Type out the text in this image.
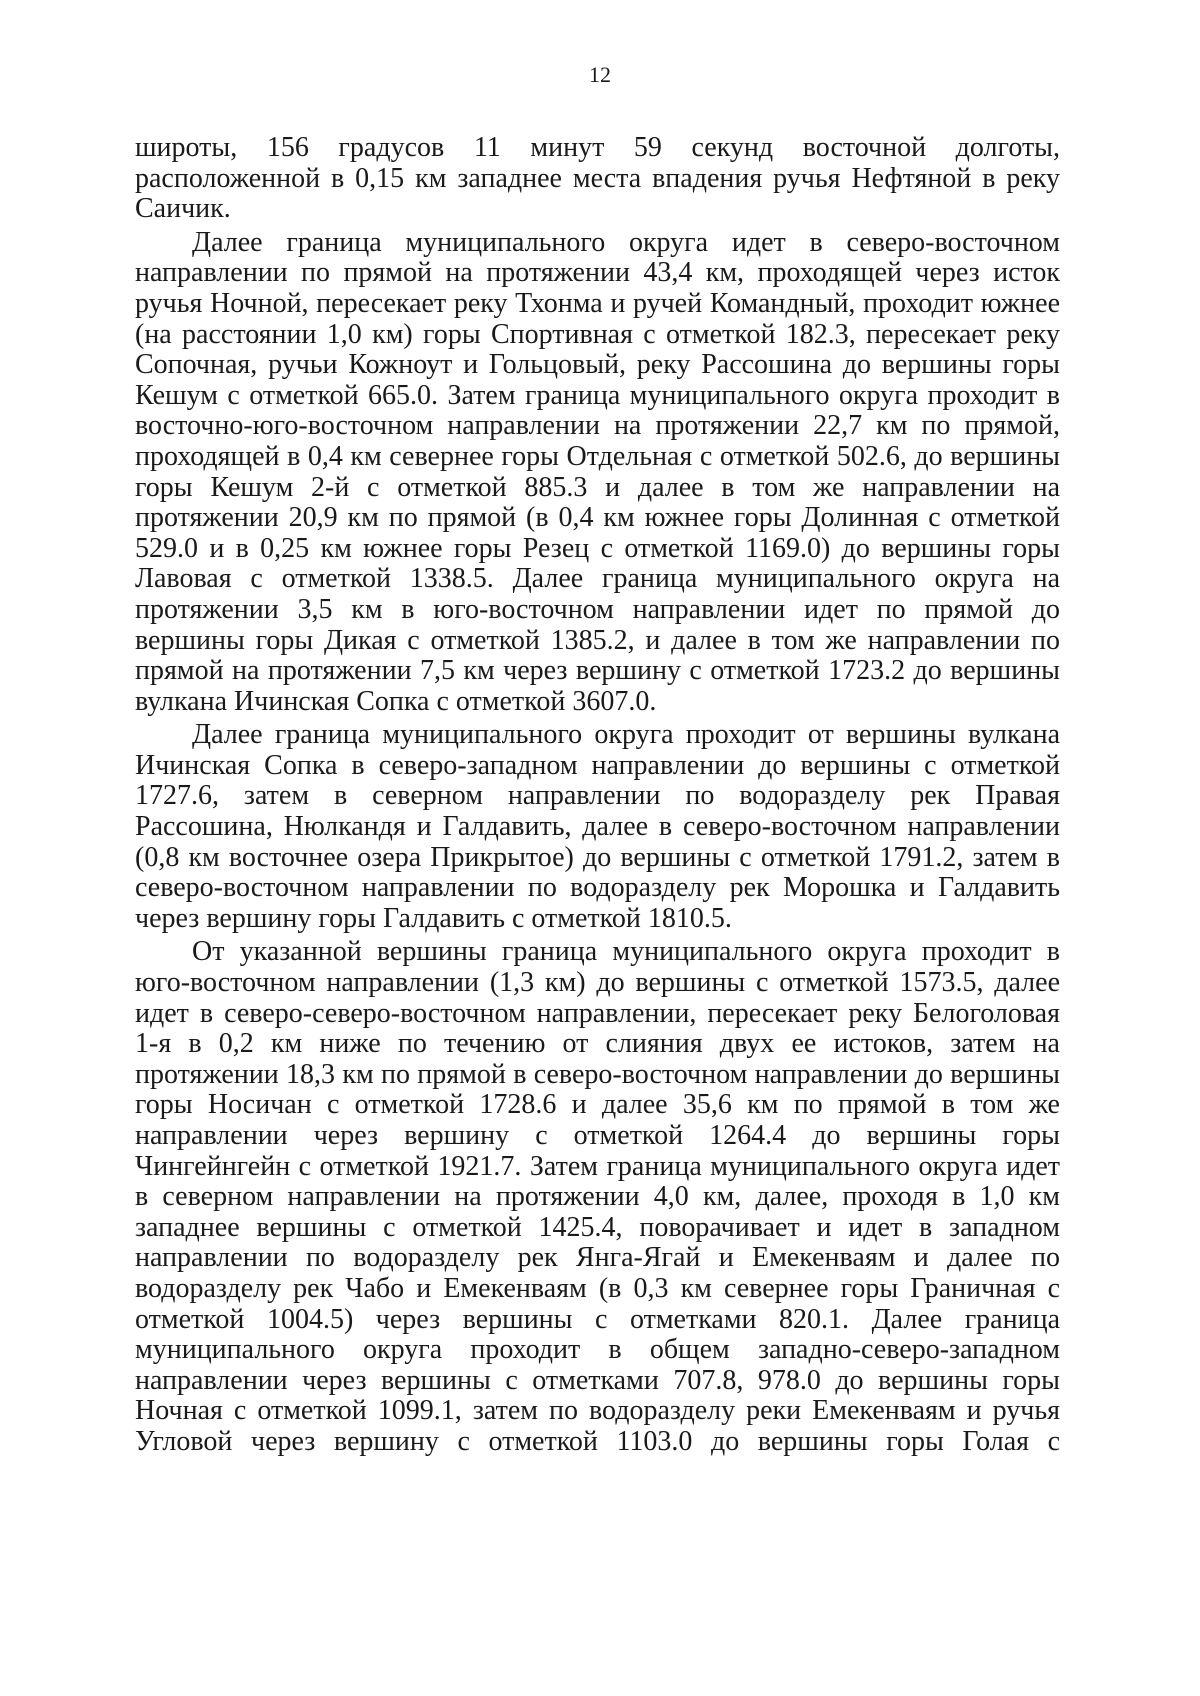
12

широты, 156 градусов 11 минут 59 секунд восточной долготы, расположенной в 0,15 км западнее места впадения ручья Нефтяной в реку Саичик.

Далее граница муниципального округа идет в северо-восточном направлении по прямой на протяжении 43,4 км, проходящей через исток ручья Ночной, пересекает реку Тхонма и ручей Командный, проходит южнее (на расстоянии 1,0 км) горы Спортивная с отметкой 182.3, пересекает реку Сопочная, ручьи Кожноут и Гольцовый, реку Рассошина до вершины горы Кешум с отметкой 665.0. Затем граница муниципального округа проходит в восточно-юго-восточном направлении на протяжении 22,7 км по прямой, проходящей в 0,4 км севернее горы Отдельная с отметкой 502.6, до вершины горы Кешум 2-й с отметкой 885.3 и далее в том же направлении на протяжении 20,9 км по прямой (в 0,4 км южнее горы Долинная с отметкой 529.0 и в 0,25 км южнее горы Резец с отметкой 1169.0) до вершины горы Лавовая с отметкой 1338.5. Далее граница муниципального округа на протяжении 3,5 км в юго-восточном направлении идет по прямой до вершины горы Дикая с отметкой 1385.2, и далее в том же направлении по прямой на протяжении 7,5 км через вершину с отметкой 1723.2 до вершины вулкана Ичинская Сопка с отметкой 3607.0.

Далее граница муниципального округа проходит от вершины вулкана Ичинская Сопка в северо-западном направлении до вершины с отметкой 1727.6, затем в северном направлении по водоразделу рек Правая Рассошина, Нюлкандя и Галдавить, далее в северо-восточном направлении (0,8 км восточнее озера Прикрытое) до вершины с отметкой 1791.2, затем в северо-восточном направлении по водоразделу рек Морошка и Галдавить через вершину горы Галдавить с отметкой 1810.5.

От указанной вершины граница муниципального округа проходит в юго-восточном направлении (1,3 км) до вершины с отметкой 1573.5, далее идет в северо-северо-восточном направлении, пересекает реку Белоголовая 1-я в 0,2 км ниже по течению от слияния двух ее истоков, затем на протяжении 18,3 км по прямой в северо-восточном направлении до вершины горы Носичан с отметкой 1728.6 и далее 35,6 км по прямой в том же направлении через вершину с отметкой 1264.4 до вершины горы Чингейнгейн с отметкой 1921.7. Затем граница муниципального округа идет в северном направлении на протяжении 4,0 км, далее, проходя в 1,0 км западнее вершины с отметкой 1425.4, поворачивает и идет в западном направлении по водоразделу рек Янга-Ягай и Емекенваям и далее по водоразделу рек Чабо и Емекенваям (в 0,3 км севернее горы Граничная с отметкой 1004.5) через вершины с отметками 820.1. Далее граница муниципального округа проходит в общем западно-северо-западном направлении через вершины с отметками 707.8, 978.0 до вершины горы Ночная с отметкой 1099.1, затем по водоразделу реки Емекенваям и ручья Угловой через вершину с отметкой 1103.0 до вершины горы Голая с
